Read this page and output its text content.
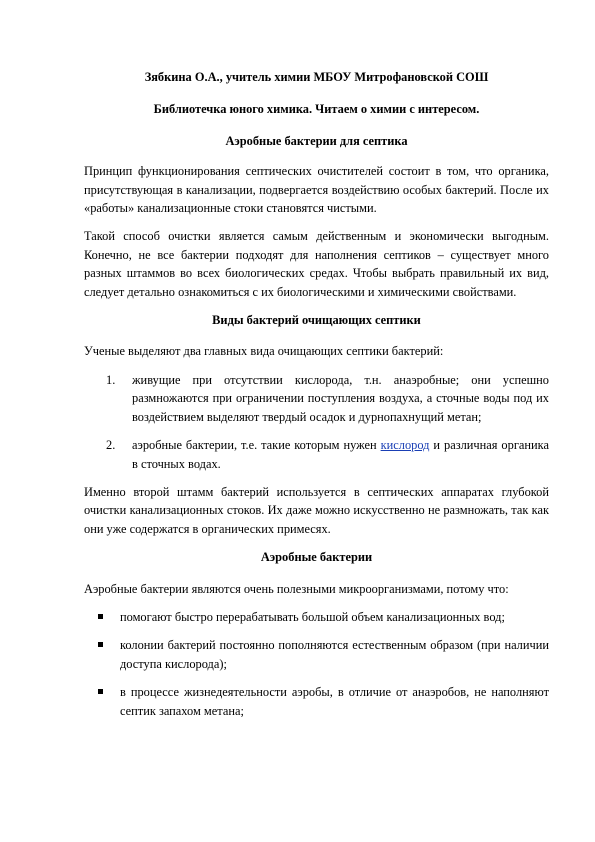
Зябкина О.А., учитель химии МБОУ Митрофановской СОШ

Библиотечка юного химика. Читаем о химии с интересом.

Аэробные бактерии для септика

Принцип функционирования септических очистителей состоит в том, что органика, присутствующая в канализации, подвергается воздействию особых бактерий. После их «работы» канализационные стоки становятся чистыми.

Такой способ очистки является самым действенным и экономически выгодным. Конечно, не все бактерии подходят для наполнения септиков – существует много разных штаммов во всех биологических средах. Чтобы выбрать правильный их вид, следует детально ознакомиться с их биологическими и химическими свойствами.

Виды бактерий очищающих септики

Ученые выделяют два главных вида очищающих септики бактерий:

1. живущие при отсутствии кислорода, т.н. анаэробные; они успешно размножаются при ограничении поступления воздуха, а сточные воды под их воздействием выделяют твердый осадок и дурнопахнущий метан;
2. аэробные бактерии, т.е. такие которым нужен кислород и различная органика в сточных водах.

Именно второй штамм бактерий используется в септических аппаратах глубокой очистки канализационных стоков. Их даже можно искусственно не размножать, так как они уже содержатся в органических примесях.

Аэробные бактерии

Аэробные бактерии являются очень полезными микроорганизмами, потому что:

помогают быстро перерабатывать большой объем канализационных вод;
колонии бактерий постоянно пополняются естественным образом (при наличии доступа кислорода);
в процессе жизнедеятельности аэробы, в отличие от анаэробов, не наполняют септик запахом метана;
